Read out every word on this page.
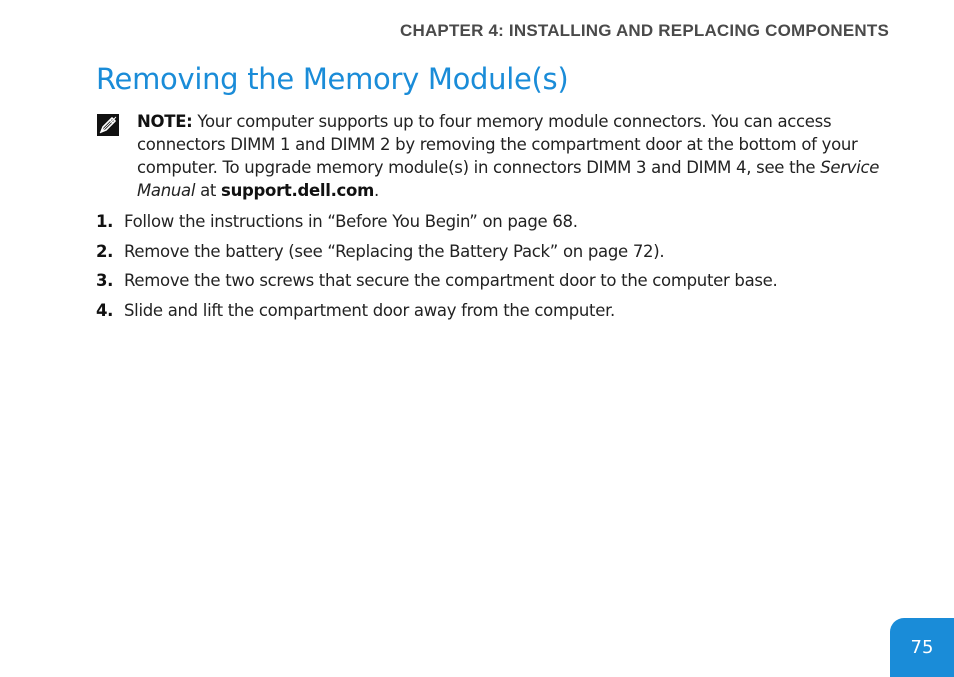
CHAPTER 4: INSTALLING AND REPLACING COMPONENTS
Removing the Memory Module(s)
NOTE: Your computer supports up to four memory module connectors. You can access connectors DIMM 1 and DIMM 2 by removing the compartment door at the bottom of your computer. To upgrade memory module(s) in connectors DIMM 3 and DIMM 4, see the Service Manual at support.dell.com.
1. Follow the instructions in “Before You Begin” on page 68.
2. Remove the battery (see “Replacing the Battery Pack” on page 72).
3. Remove the two screws that secure the compartment door to the computer base.
4. Slide and lift the compartment door away from the computer.
75
